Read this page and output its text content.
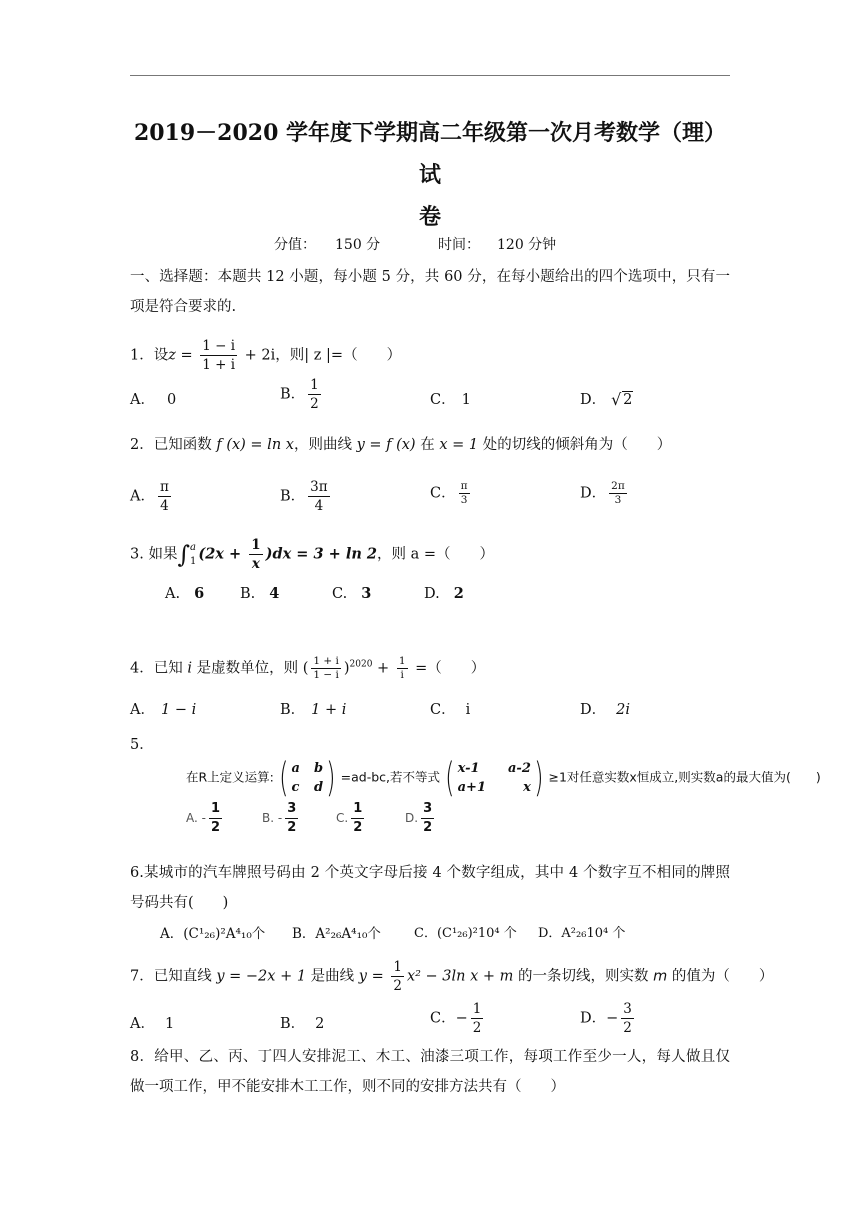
2019－2020 学年度下学期高二年级第一次月考数学（理）试
卷
分值： 150 分	时间： 120 分钟
一、选择题：本题共 12 小题，每小题 5 分，共 60 分，在每小题给出的四个选项中，只有一项是符合要求的.
1．设$z = \frac{1 - i}{1 + i} + 2i$，则| z |=（　　）
A． 0	B． $\frac{1}{2}$	C． 1	D．√ 2
2．已知函数 f (x) = ln x，则曲线 y = f (x) 在 x = 1 处的切线的倾斜角为（　　）
A． $\frac{\pi}{4}$	B． $\frac{3\pi}{4}$	C． $\frac{\pi}{3}$	D． $\frac{2\pi}{3}$
3. 如果∫ a
1 $(2x + \frac{1}{x} )dx = 3 + \ln 2$，则 a =（　　）
A. 6 B. 4	C. 3	D. 2
4．已知 i 是虚数单位，则 ( $\frac{1 + i}{1 - i} )^{2020} + \frac{1}{i}$ =（　　）
A． 1 − i	B． 1 + i	C． i	D． 2i
5．
在R上定义运算: ( a b
c d ) =ad-bc,若不等式 ( x-1	a-2
a+1	x ) ≥1对任意实数x恒成立,则实数a的最大值为(　　)
A. - $\frac{1}{2}$	B. - $\frac{3}{2}$	C. $\frac{1}{2}$	D. $\frac{3}{2}$
6.某城市的汽车牌照号码由 2 个英文字母后接 4 个数字组成，其中 4 个数字互不相同的牌照号码共有(　　)
A．(C¹₂₆)²A⁴₁₀个 B．A²₂₆A⁴₁₀个	C．(C¹₂₆)²10⁴ 个 D．A²₂₆10⁴ 个
7．已知直线 y = −2x + 1 是曲线 $y = \frac{1}{2} x^2 - 3\ln$ x + m 的一条切线，则实数 m 的值为（　　）
A． 1	B． 2	C．− $\frac{1}{2}$	D．− $\frac{3}{2}$
8．给甲、乙、丙、丁四人安排泥工、木工、油漆三项工作，每项工作至少一人，每人做且仅做一项工作，甲不能安排木工工作，则不同的安排方法共有（　　）
